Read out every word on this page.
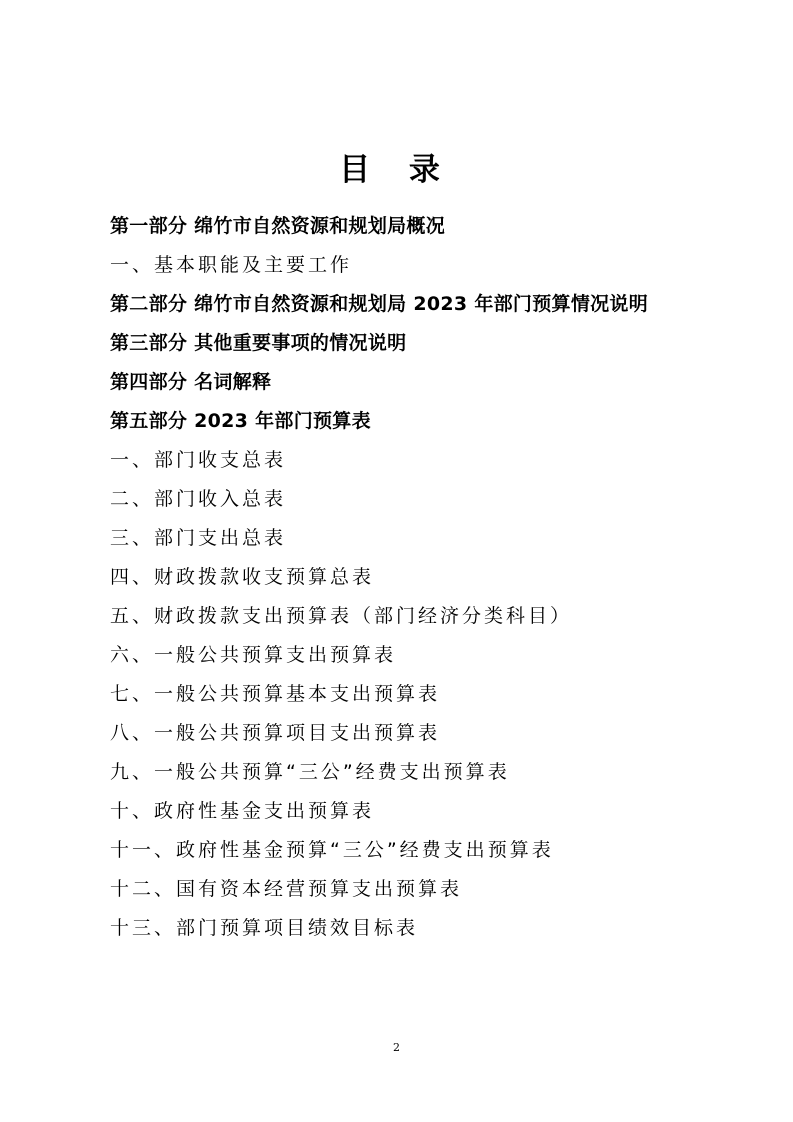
目 录
第一部分 绵竹市自然资源和规划局概况
一、基本职能及主要工作
第二部分 绵竹市自然资源和规划局 2023 年部门预算情况说明
第三部分 其他重要事项的情况说明
第四部分 名词解释
第五部分 2023 年部门预算表
一、部门收支总表
二、部门收入总表
三、部门支出总表
四、财政拨款收支预算总表
五、财政拨款支出预算表（部门经济分类科目）
六、一般公共预算支出预算表
七、一般公共预算基本支出预算表
八、一般公共预算项目支出预算表
九、一般公共预算“三公”经费支出预算表
十、政府性基金支出预算表
十一、政府性基金预算“三公”经费支出预算表
十二、国有资本经营预算支出预算表
十三、部门预算项目绩效目标表
2
